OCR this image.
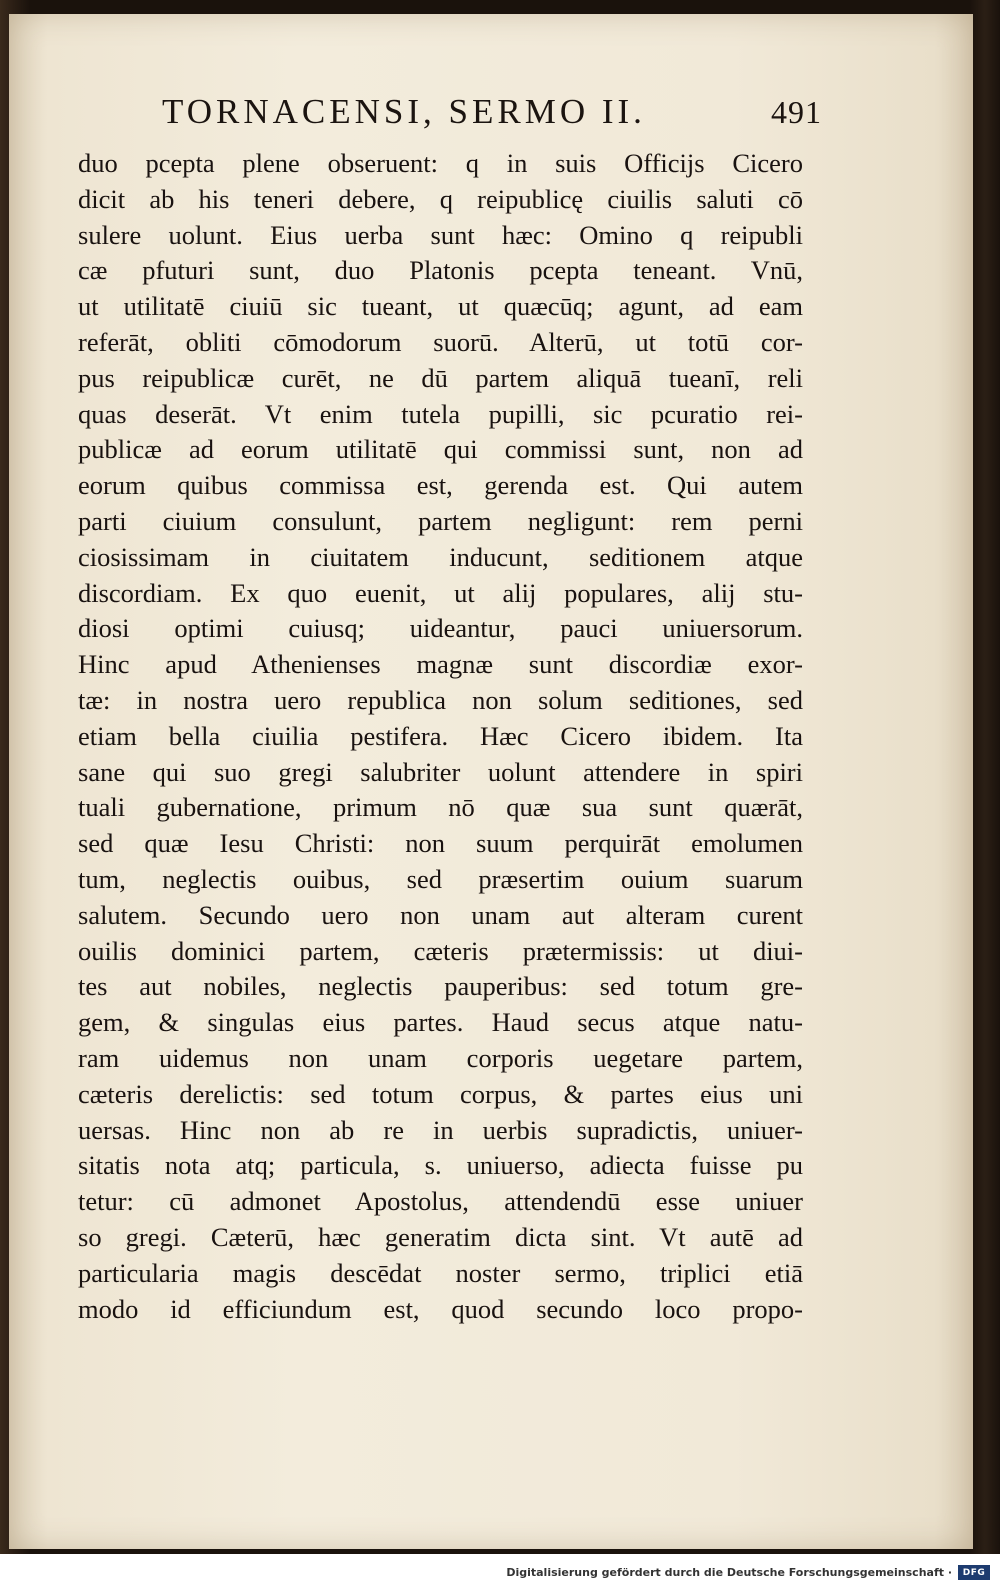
TORNACENSI, SERMO II.	491
duo pcepta plene obseruent: q in suis Officijs Cicero
dicit ab his teneri debere, q reipublicę ciuilis saluti cō
sulere uolunt. Eius uerba sunt hæc: Omino q reipubli
cæ pfuturi sunt, duo Platonis pcepta teneant. Vnū,
ut utilitatē ciuiū sic tueant, ut quæcūq; agunt, ad eam
referāt, obliti cōmodorum suorū. Alterū, ut totū cor-
pus reipublicæ curēt, ne dū partem aliquā tueanī, reli
quas deserāt. Vt enim tutela pupilli, sic pcuratio rei-
publicæ ad eorum utilitatē qui commissi sunt, non ad
eorum quibus commissa est, gerenda est. Qui autem
parti ciuium consulunt, partem negligunt: rem perni
ciosissimam in ciuitatem inducunt, seditionem atque
discordiam. Ex quo euenit, ut alij populares, alij stu-
diosi optimi cuiusq; uideantur, pauci uniuersorum.
Hinc apud Athenienses magnæ sunt discordiæ exor-
tæ: in nostra uero republica non solum seditiones, sed
etiam bella ciuilia pestifera. Hæc Cicero ibidem. Ita
sane qui suo gregi salubriter uolunt attendere in spiri
tuali gubernatione, primum nō quæ sua sunt quærāt,
sed quæ Iesu Christi: non suum perquirāt emolumen
tum, neglectis ouibus, sed præsertim ouium suarum
salutem. Secundo uero non unam aut alteram curent
ouilis dominici partem, cæteris prætermissis: ut diui-
tes aut nobiles, neglectis pauperibus: sed totum gre-
gem, & singulas eius partes. Haud secus atque natu-
ram uidemus non unam corporis uegetare partem,
cæteris derelictis: sed totum corpus, & partes eius uni
uersas. Hinc non ab re in uerbis supradictis, uniuer-
sitatis nota atq; particula, s. uniuerso, adiecta fuisse pu
tetur: cū admonet Apostolus, attendendū esse uniuer
so gregi. Cæterū, hæc generatim dicta sint. Vt autē ad
particularia magis descēdat noster sermo, triplici etiā
modo id efficiundum est, quod secundo loco propo-
Digitalisierung gefördert durch die Deutsche Forschungsgemeinschaft ·	DFG
